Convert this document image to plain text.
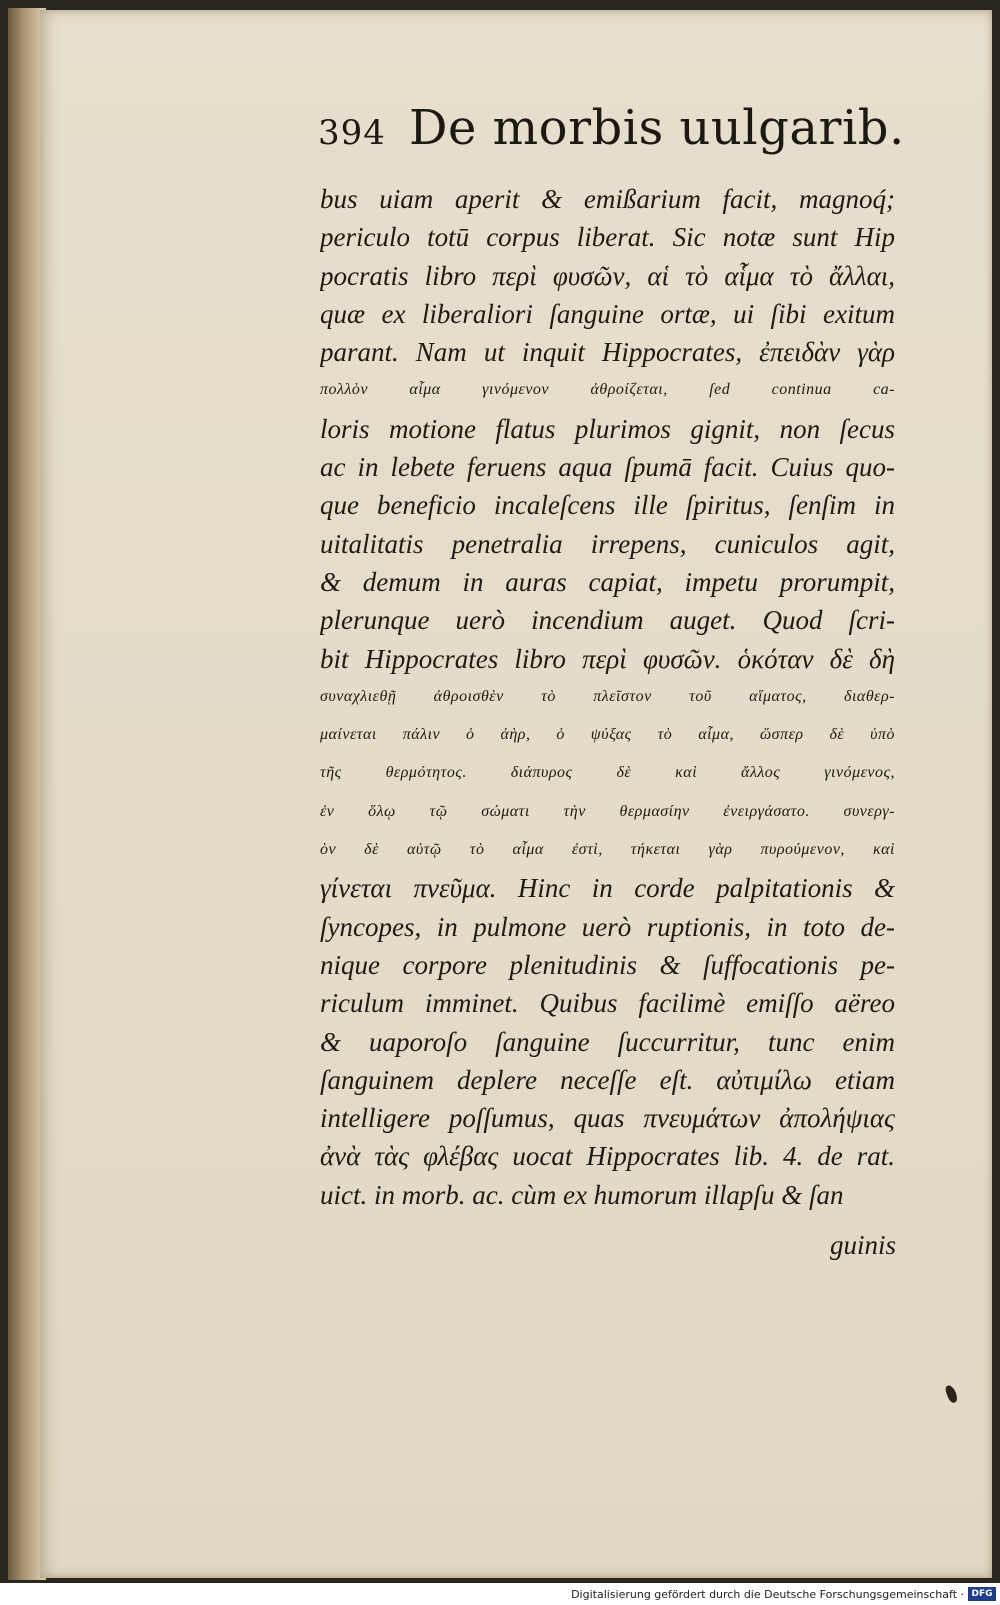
394 De morbis uulgarib.
bus uiam aperit & emißarium facit, magnoq́;
periculo totū corpus liberat. Sic notæ sunt Hip
pocratis libro περὶ φυσῶν, αἱ τὸ αἷμα τὸ ἄλλαι,
quæ ex liberaliori ſanguine ortæ, ui ſibi exitum
parant. Nam ut inquit Hippocrates, ἐπειδὰν γὰρ
πολλὸν αἷμα γινόμενον ἀθροίζεται, ſed continua ca-
loris motione flatus plurimos gignit, non ſecus
ac in lebete feruens aqua ſpumā facit. Cuius quo-
que beneficio incaleſcens ille ſpiritus, ſenſim in
uitalitatis penetralia irrepens, cuniculos agit,
& demum in auras capiat, impetu prorumpit,
plerunque uerò incendium auget. Quod ſcri-
bit Hippocrates libro περὶ φυσῶν. ὁκόταν δὲ δὴ
συναχλιεθῇ ἀθροισθὲν τὸ πλεῖστον τοῦ αἵματος, διαθερ-
μαίνεται πάλιν ὁ ἀὴρ, ὁ ψύξας τὸ αἷμα, ὥσπερ δὲ ὑπὸ
τῆς θερμότητος. διάπυρος δὲ καὶ ἄλλος γινόμενος,
ἐν ὅλῳ τῷ σώματι τὴν θερμασίην ἐνειργάσατο. συνεργ-
ὸν δὲ αὐτῷ τὸ αἷμα ἐστὶ, τήκεται γὰρ πυρούμενον, καὶ
γίνεται πνεῦμα. Hinc in corde palpitationis &
ſyncopes, in pulmone uerò ruptionis, in toto de-
nique corpore plenitudinis & ſuffocationis pe-
riculum imminet. Quibus facilimè emiſſo aëreo
& uaporoſo ſanguine ſuccurritur, tunc enim
ſanguinem deplere neceſſe eſt. αὐτιμίλω etiam
intelligere poſſumus, quas πνευμάτων ἀπολήψιας
ἀνὰ τὰς φλέβας uocat Hippocrates lib. 4. de rat.
uict. in morb. ac. cùm ex humorum illapſu & ſan
guinis
Digitalisierung gefördert durch die Deutsche Forschungsgemeinschaft · DFG
